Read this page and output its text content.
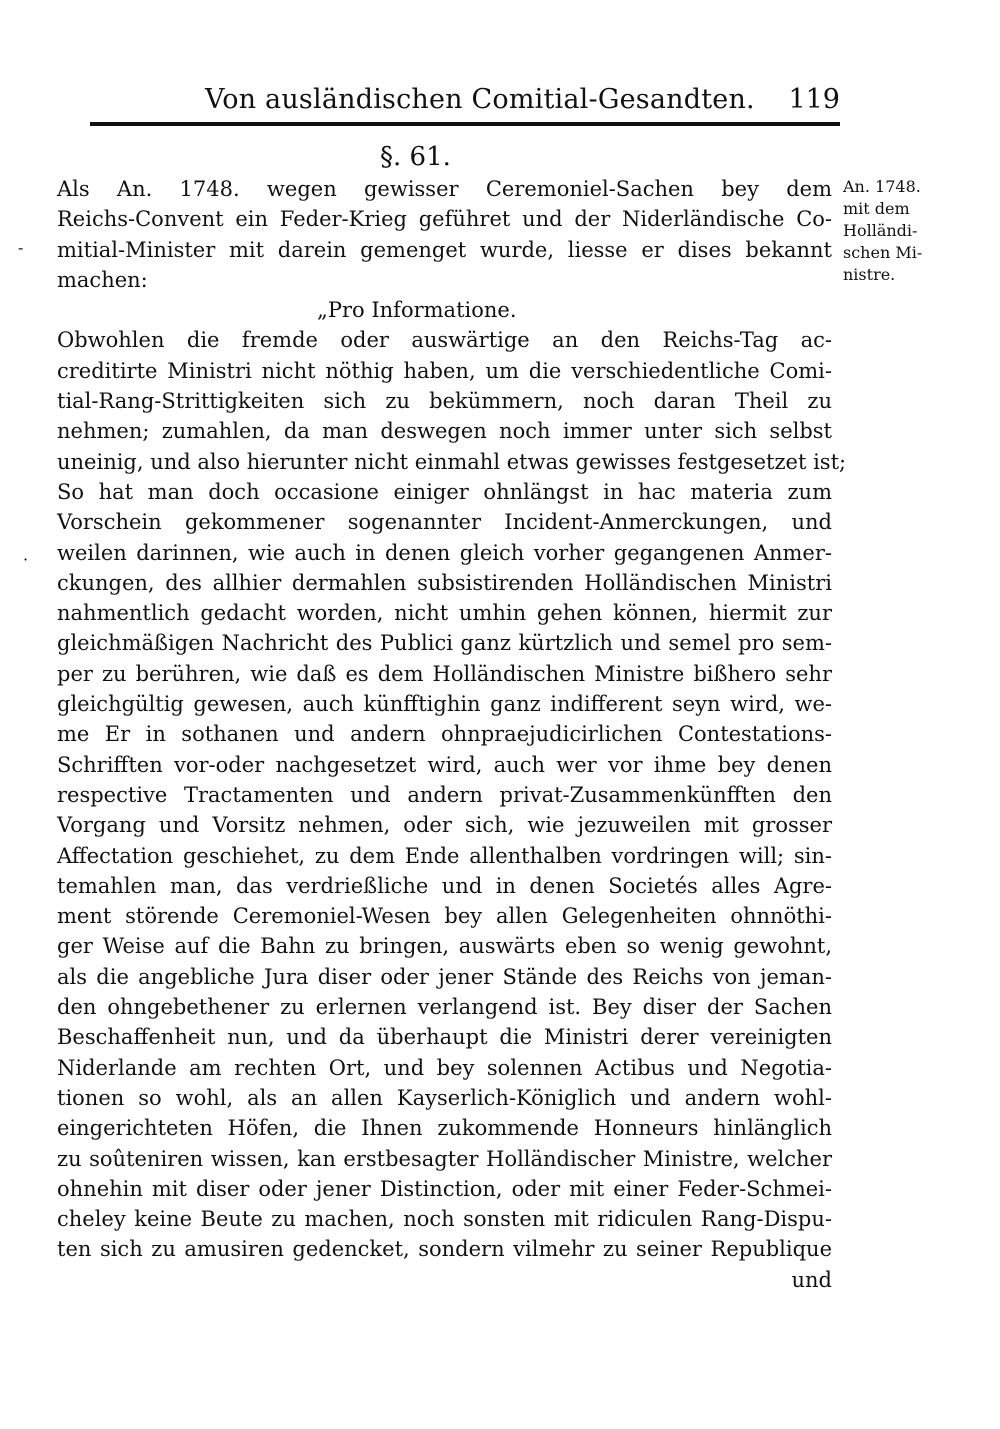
Von ausländischen Comitial-Gesandten. 119
§. 61.
Als An. 1748. wegen gewisser Ceremoniel-Sachen bey dem
Reichs-Convent ein Feder-Krieg geführet und der Niderländische Co-
mitial-Minister mit darein gemenget wurde, liesse er dises bekannt
machen:
„Pro Informatione.
Obwohlen die fremde oder auswärtige an den Reichs-Tag ac-
creditirte Ministri nicht nöthig haben, um die verschiedentliche Comi-
tial-Rang-Strittigkeiten sich zu bekümmern, noch daran Theil zu
nehmen; zumahlen, da man deswegen noch immer unter sich selbst
uneinig, und also hierunter nicht einmahl etwas gewisses festgesetzet ist;
So hat man doch occasione einiger ohnlängst in hac materia zum
Vorschein gekommener sogenannter Incident-Anmerckungen, und
weilen darinnen, wie auch in denen gleich vorher gegangenen Anmer-
ckungen, des allhier dermahlen subsistirenden Holländischen Ministri
nahmentlich gedacht worden, nicht umhin gehen können, hiermit zur
gleichmäßigen Nachricht des Publici ganz kürtzlich und semel pro sem-
per zu berühren, wie daß es dem Holländischen Ministre bißhero sehr
gleichgültig gewesen, auch künfftighin ganz indifferent seyn wird, we-
me Er in sothanen und andern ohnpraejudicirlichen Contestations-
Schrifften vor-oder nachgesetzet wird, auch wer vor ihme bey denen
respective Tractamenten und andern privat-Zusammenkünfften den
Vorgang und Vorsitz nehmen, oder sich, wie jezuweilen mit grosser
Affectation geschiehet, zu dem Ende allenthalben vordringen will; sin-
temahlen man, das verdrießliche und in denen Societés alles Agre-
ment störende Ceremoniel-Wesen bey allen Gelegenheiten ohnnöthi-
ger Weise auf die Bahn zu bringen, auswärts eben so wenig gewohnt,
als die angebliche Jura diser oder jener Stände des Reichs von jeman-
den ohngebethener zu erlernen verlangend ist. Bey diser der Sachen
Beschaffenheit nun, und da überhaupt die Ministri derer vereinigten
Niderlande am rechten Ort, und bey solennen Actibus und Negotia-
tionen so wohl, als an allen Kayserlich-Königlich und andern wohl-
eingerichteten Höfen, die Ihnen zukommende Honneurs hinlänglich
zu soûteniren wissen, kan erstbesagter Holländischer Ministre, welcher
ohnehin mit diser oder jener Distinction, oder mit einer Feder-Schmei-
cheley keine Beute zu machen, noch sonsten mit ridiculen Rang-Dispu-
ten sich zu amusiren gedencket, sondern vilmehr zu seiner Republique
und
An. 1748.
mit dem
Holländi-
schen Mi-
nistre.
-
·
